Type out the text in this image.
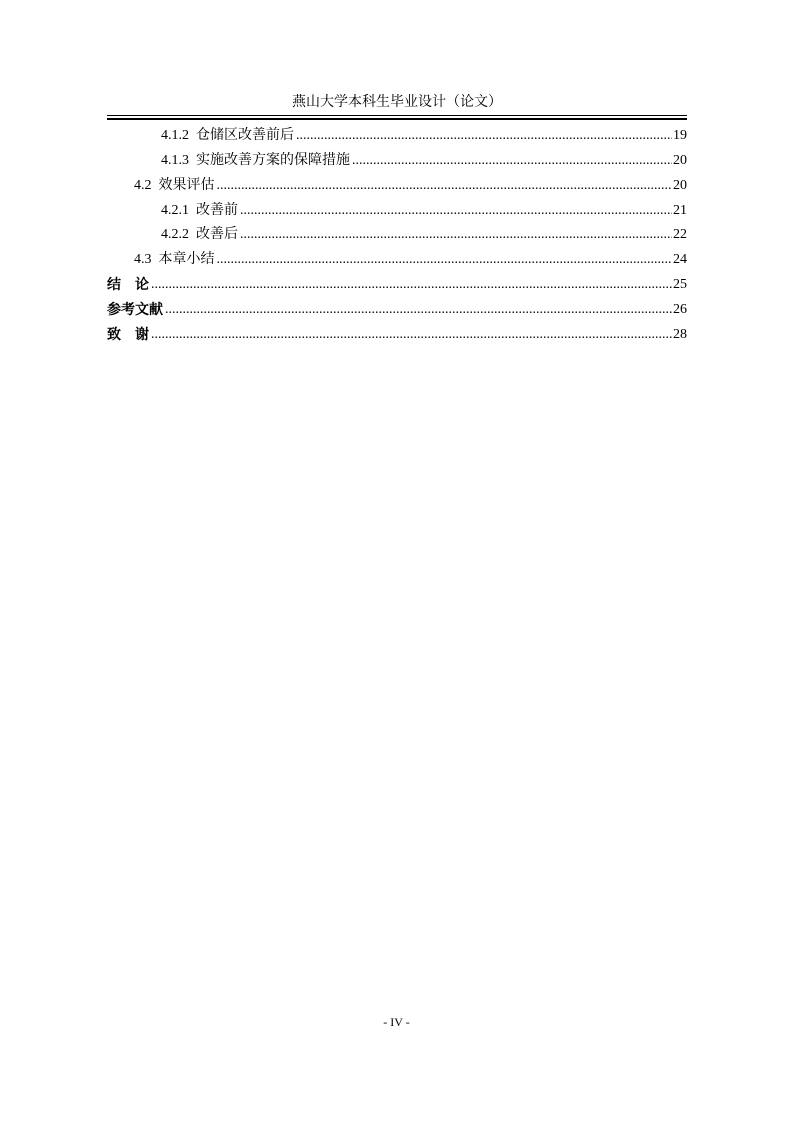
燕山大学本科生毕业设计（论文）
4.1.2 仓储区改善前后 .....	19
4.1.3 实施改善方案的保障措施 .....	20
4.2 效果评估 .....	20
4.2.1 改善前 .....	21
4.2.2 改善后 .....	22
4.3 本章小结 .....	24
结　论 .....	25
参考文献 .....	26
致　谢 .....	28
- IV -
